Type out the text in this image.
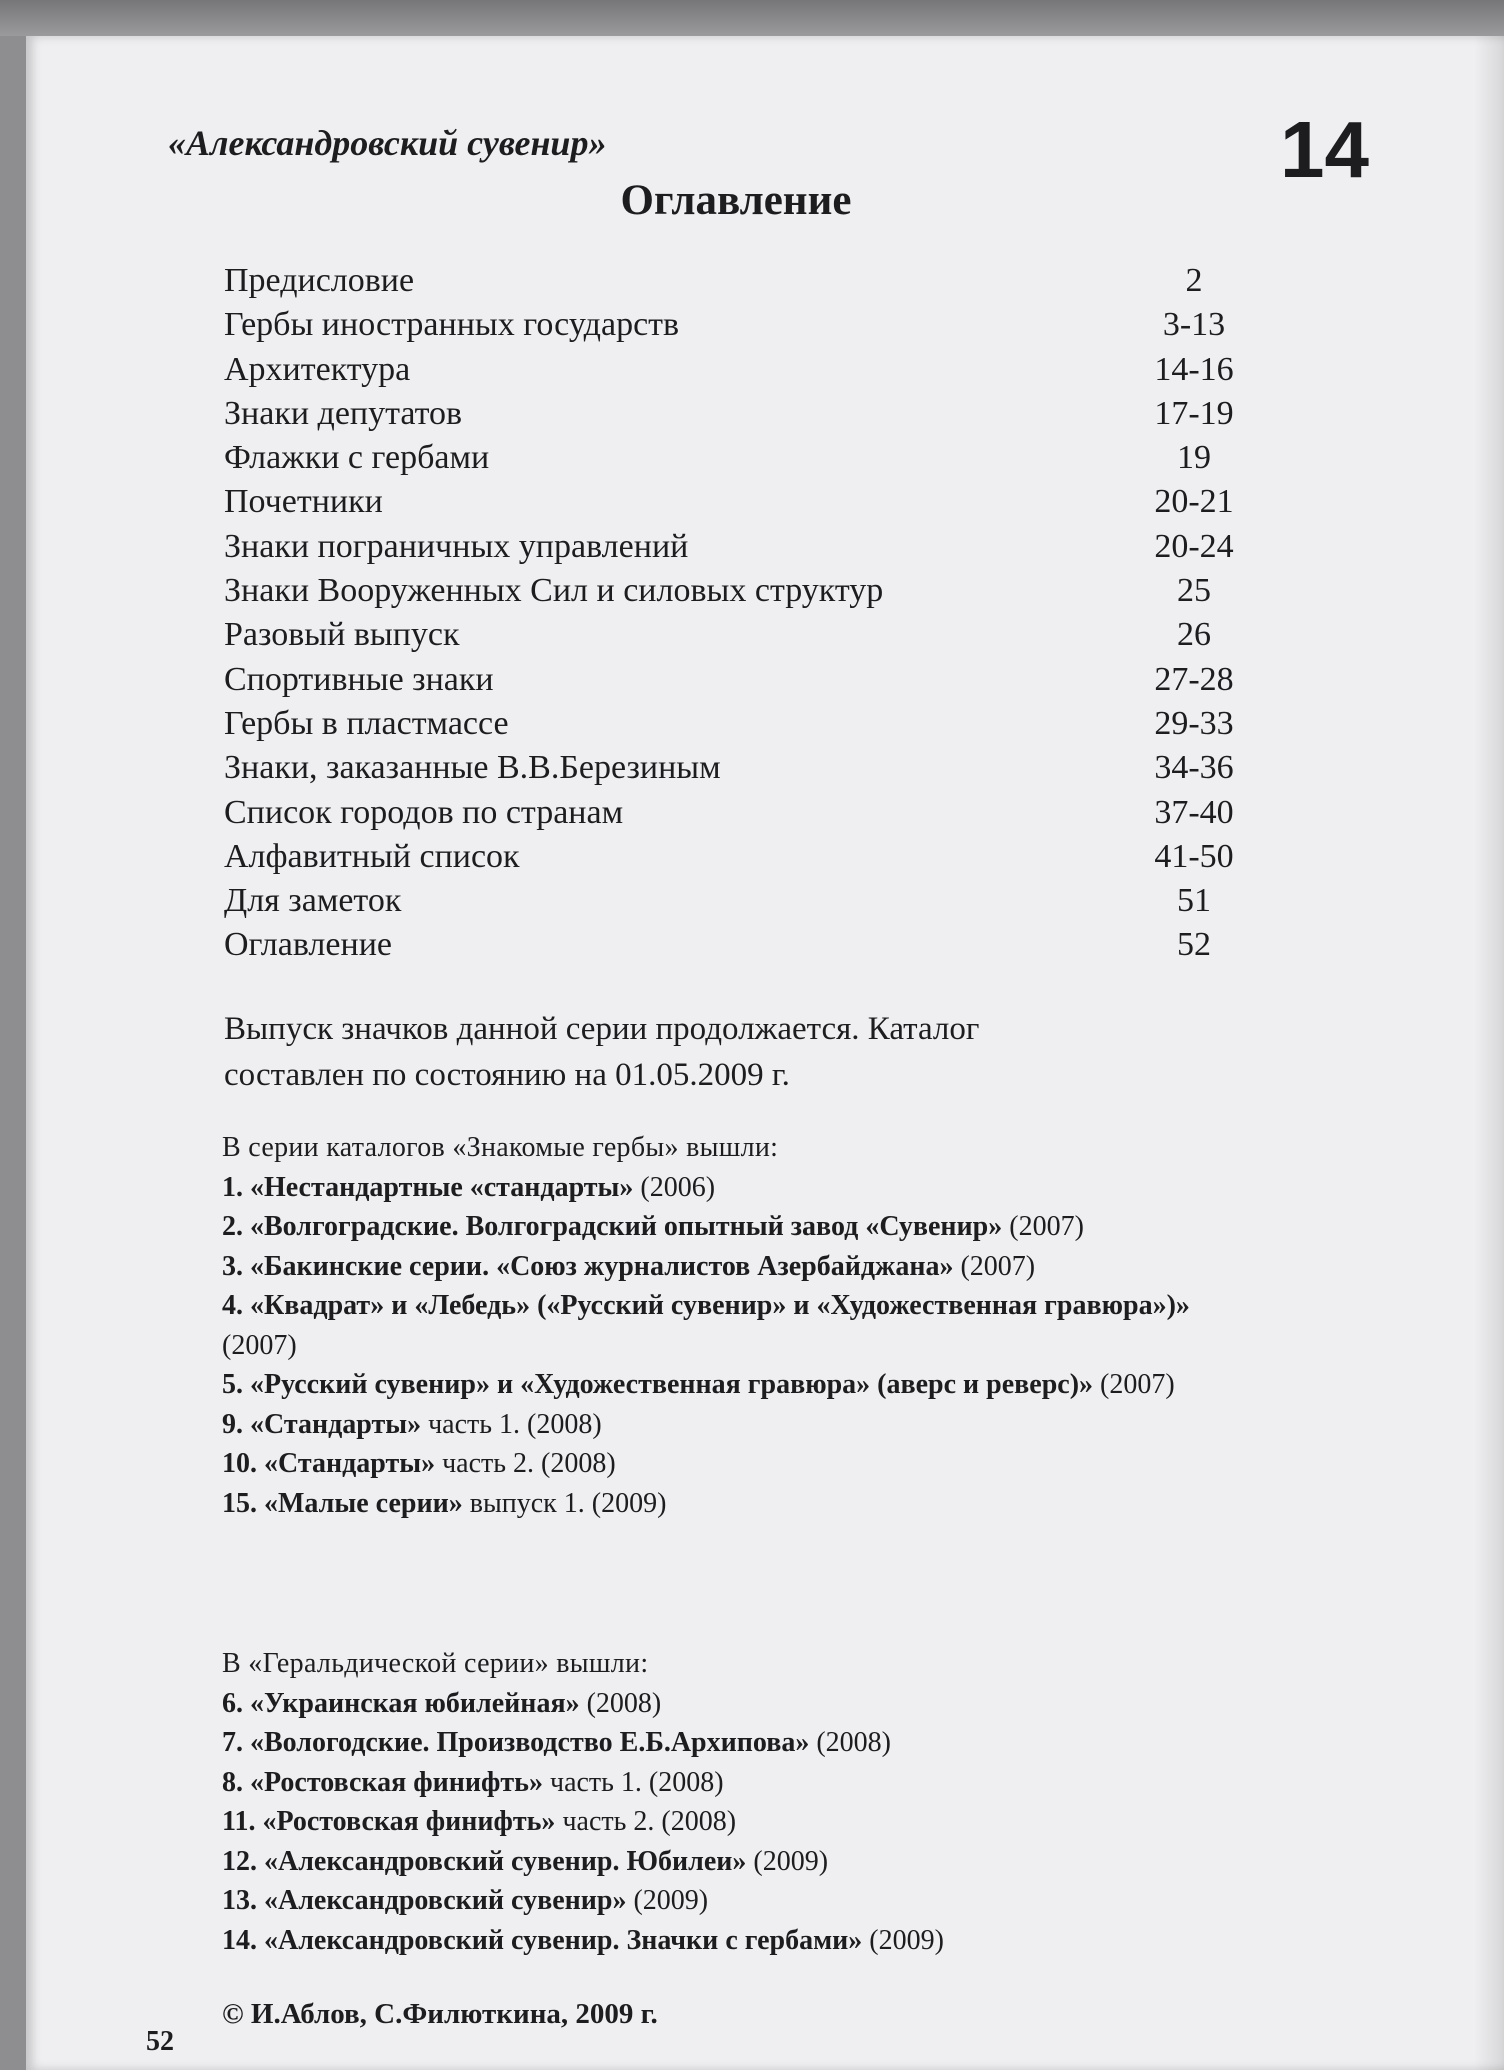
«Александровский сувенир»	14
Оглавление
Предисловие	2
Гербы иностранных государств	3-13
Архитектура	14-16
Знаки депутатов	17-19
Флажки с гербами	19
Почетники	20-21
Знаки пограничных управлений	20-24
Знаки Вооруженных Сил и силовых структур	25
Разовый выпуск	26
Спортивные знаки	27-28
Гербы в пластмассе	29-33
Знаки, заказанные В.В.Березиным	34-36
Список городов по странам	37-40
Алфавитный список	41-50
Для заметок	51
Оглавление	52
Выпуск значков данной серии продолжается. Каталог
составлен по состоянию на 01.05.2009 г.
В серии каталогов «Знакомые гербы» вышли:

1. «Нестандартные «стандарты» (2006)

2. «Волгоградские. Волгоградский опытный завод «Сувенир» (2007)

3. «Бакинские серии. «Союз журналистов Азербайджана» (2007)

4. «Квадрат» и «Лебедь» («Русский сувенир» и «Художественная гравюра»)» (2007)

5. «Русский сувенир» и «Художественная гравюра» (аверс и реверс)» (2007)

9. «Стандарты» часть 1. (2008)

10. «Стандарты» часть 2. (2008)

15. «Малые серии» выпуск 1. (2009)

В «Геральдической серии» вышли:

6. «Украинская юбилейная» (2008)

7. «Вологодские. Производство Е.Б.Архипова» (2008)

8. «Ростовская финифть» часть 1. (2008)

11. «Ростовская финифть» часть 2. (2008)

12. «Александровский сувенир. Юбилеи» (2009)

13. «Александровский сувенир» (2009)

14. «Александровский сувенир. Значки с гербами» (2009)

© И.Аблов, С.Филюткина, 2009 г.
52
